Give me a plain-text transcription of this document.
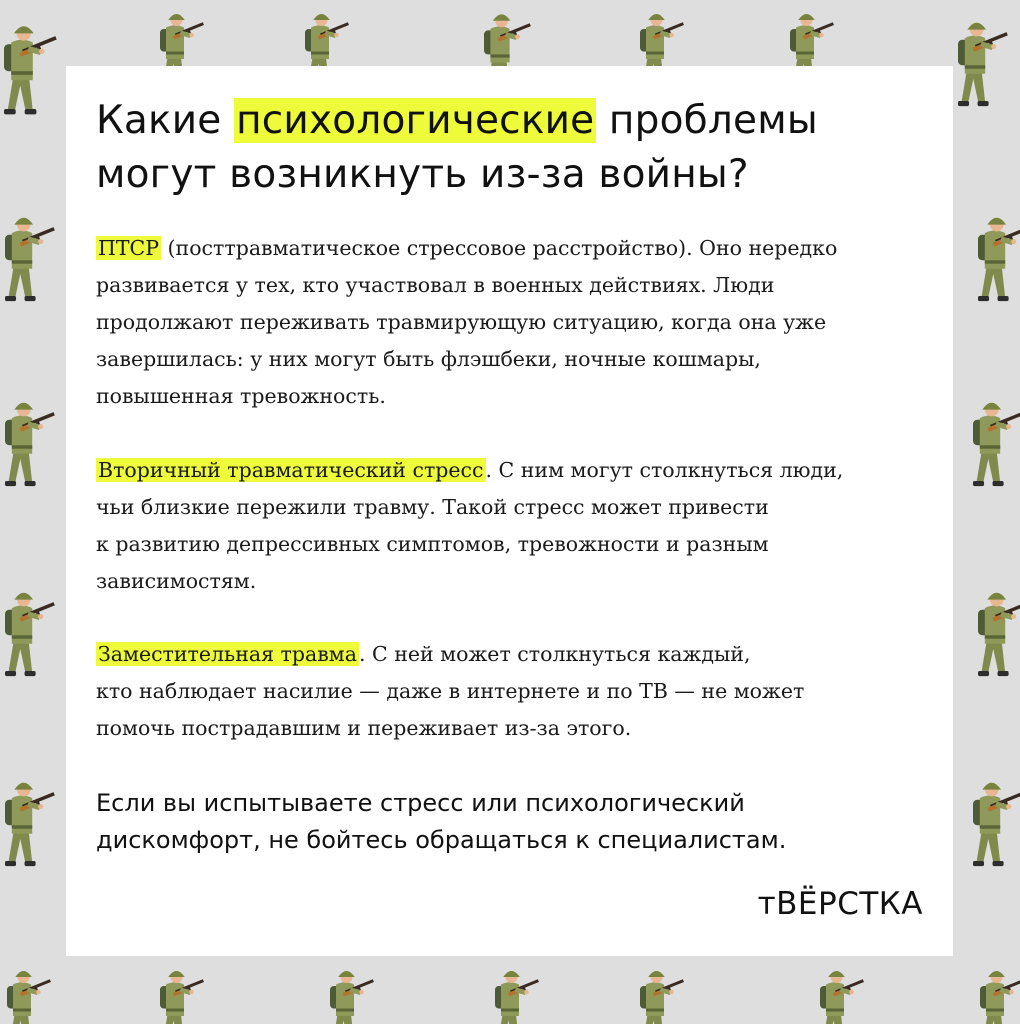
Какие психологические проблемы
могут возникнуть из-за войны?

ПТСР (посттравматическое стрессовое расстройство). Оно нередко
развивается у тех, кто участвовал в военных действиях. Люди
продолжают переживать травмирующую ситуацию, когда она уже
завершилась: у них могут быть флэшбеки, ночные кошмары,
повышенная тревожность.

Вторичный травматический стресс. С ним могут столкнуться люди,
чьи близкие пережили травму. Такой стресс может привести
к развитию депрессивных симптомов, тревожности и разным
зависимостям.

Заместительная травма. С ней может столкнуться каждый,
кто наблюдает насилие — даже в интернете и по ТВ — не может
помочь пострадавшим и переживает из-за этого.

Если вы испытываете стресс или психологический
дискомфорт, не бойтесь обращаться к специалистам.

тВЁРСТКА
